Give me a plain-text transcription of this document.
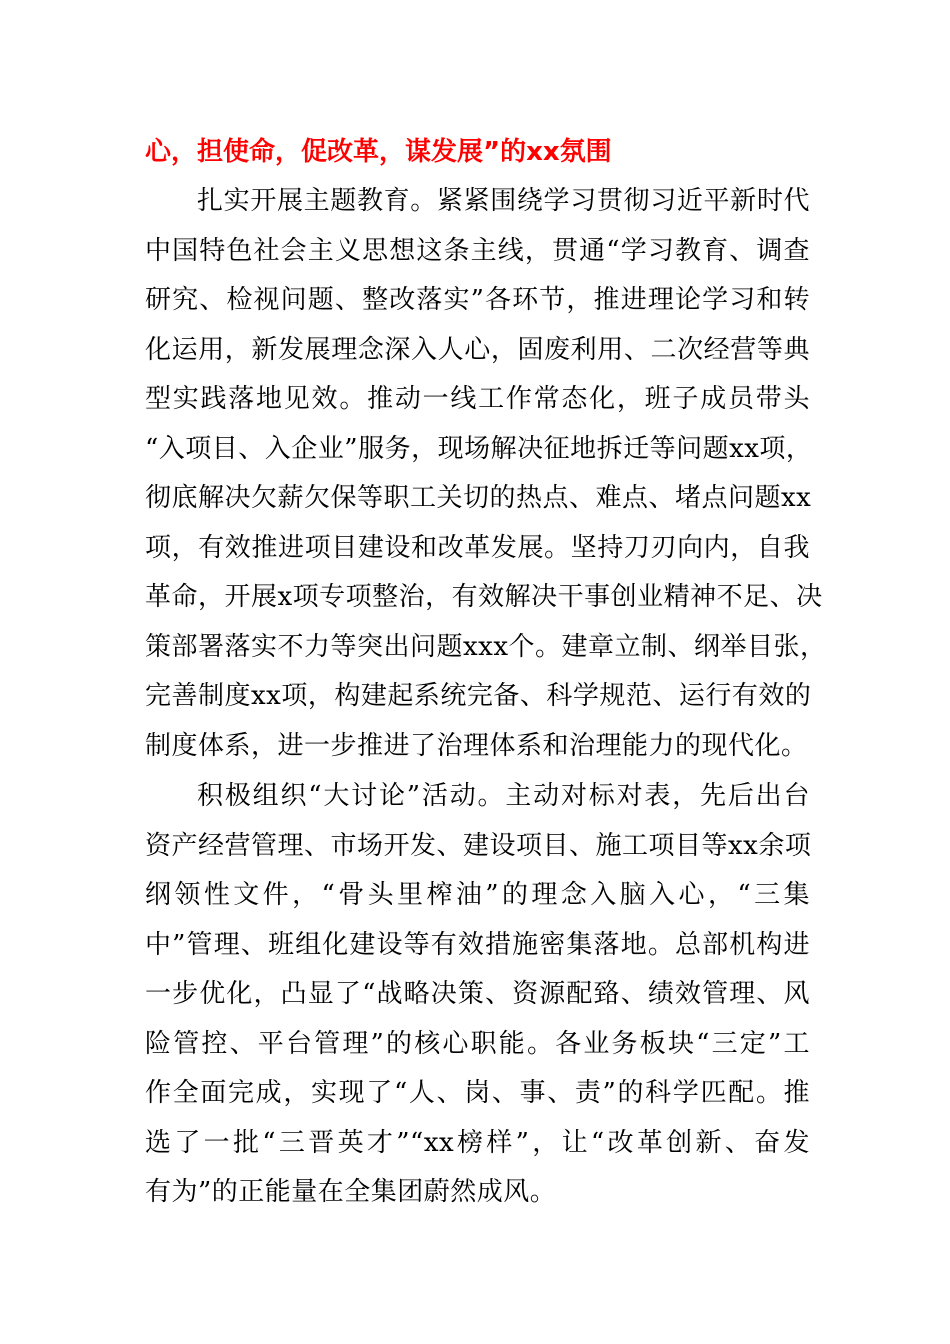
心，担使命，促改革，谋发展”的xx氛围
扎实开展主题教育。紧紧围绕学习贯彻习近平新时代
中国特色社会主义思想这条主线，贯通“学习教育、调查
研究、检视问题、整改落实”各环节，推进理论学习和转
化运用，新发展理念深入人心，固废利用、二次经营等典
型实践落地见效。推动一线工作常态化，班子成员带头
“入项目、入企业”服务，现场解决征地拆迁等问题xx项，
彻底解决欠薪欠保等职工关切的热点、难点、堵点问题xx
项，有效推进项目建设和改革发展。坚持刀刃向内，自我
革命，开展x项专项整治，有效解决干事创业精神不足、决
策部署落实不力等突出问题xxx个。建章立制、纲举目张，
完善制度xx项，构建起系统完备、科学规范、运行有效的
制度体系，进一步推进了治理体系和治理能力的现代化。
积极组织“大讨论”活动。主动对标对表，先后出台
资产经营管理、市场开发、建设项目、施工项目等xx余项
纲领性文件，“骨头里榨油”的理念入脑入心，“三集
中”管理、班组化建设等有效措施密集落地。总部机构进
一步优化，凸显了“战略决策、资源配臵、绩效管理、风
险管控、平台管理”的核心职能。各业务板块“三定”工
作全面完成，实现了“人、岗、事、责”的科学匹配。推
选了一批“三晋英才”“xx榜样”，让“改革创新、奋发
有为”的正能量在全集团蔚然成风。
